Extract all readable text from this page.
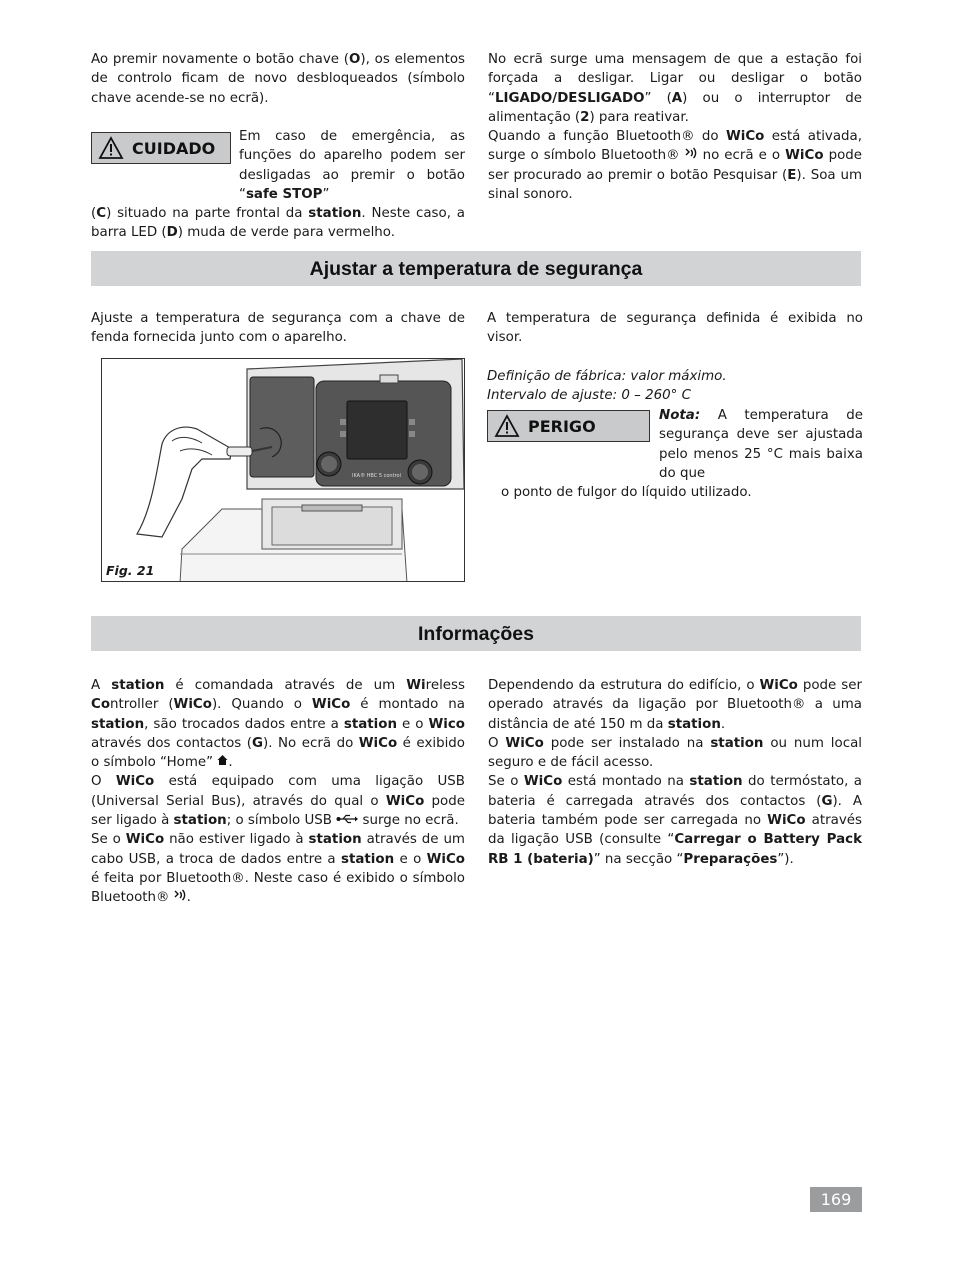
Ao premir novamente o botão chave (O), os elementos de controlo ficam de novo desbloqueados (símbolo chave acende-se no ecrã).

CUIDADO

Em caso de emergência, as funções do aparelho podem ser desligadas ao premir o botão “safe STOP”

(C) situado na parte frontal da station. Neste caso, a barra LED (D) muda de verde para vermelho.

No ecrã surge uma mensagem de que a estação foi forçada a desligar. Ligar ou desligar o botão “LIGADO/DESLIGADO” (A) ou o interruptor de alimentação (2) para reativar.

Quando a função Bluetooth® do WiCo está ativada, surge o símbolo Bluetooth®  no ecrã e o WiCo pode ser procurado ao premir o botão Pesquisar (E). Soa um sinal sonoro.

Ajustar a temperatura de segurança

Ajuste a temperatura de segurança com a chave de fenda fornecida junto com o aparelho.

IKA® HBC 5 control
Fig. 21

A temperatura de segurança definida é exibida no visor.

Definição de fábrica: valor máximo.

Intervalo de ajuste: 0 – 260° C

PERIGO

Nota: A temperatura de segurança deve ser ajustada pelo menos 25 °C mais baixa do que

o ponto de fulgor do líquido utilizado.

Informações

A station é comandada através de um Wireless Controller (WiCo). Quando o WiCo é montado na station, são trocados dados entre a station e o Wico através dos contactos (G). No ecrã do WiCo é exibido o símbolo “Home” .

O WiCo está equipado com uma ligação USB (Universal Serial Bus), através do qual o WiCo pode ser ligado à station; o símbolo USB  surge no ecrã.

Se o WiCo não estiver ligado à station através de um cabo USB, a troca de dados entre a station e o WiCo é feita por Bluetooth®. Neste caso é exibido o símbolo Bluetooth® .

Dependendo da estrutura do edifício, o WiCo pode ser operado através da ligação por Bluetooth® a uma distância de até 150 m da station.

O WiCo pode ser instalado na station ou num local seguro e de fácil acesso.

Se o WiCo está montado na station do termóstato, a bateria é carregada através dos contactos (G). A bateria também pode ser carregada no WiCo através da ligação USB (consulte “Carregar o Battery Pack RB 1 (bateria)” na secção “Preparações”).

169
